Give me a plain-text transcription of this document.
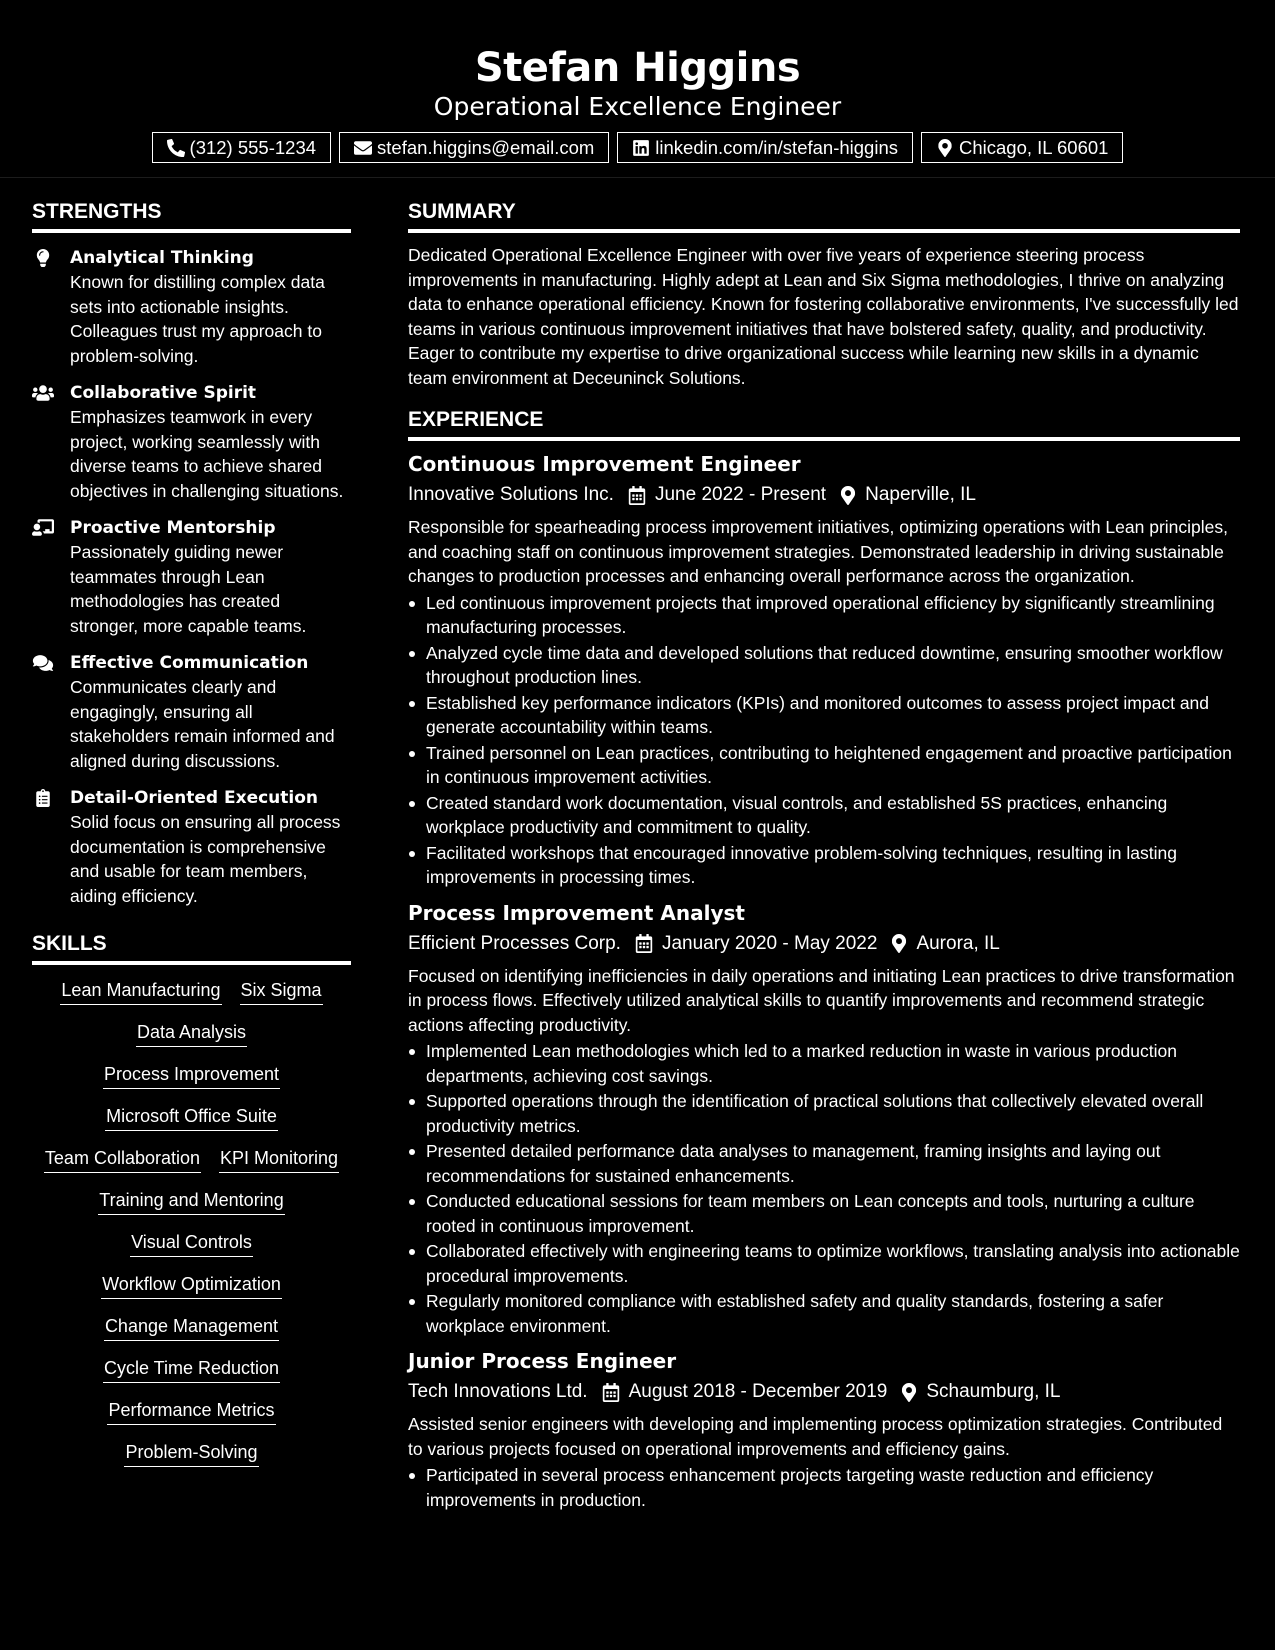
Stefan Higgins
Operational Excellence Engineer
(312) 555-1234	stefan.higgins@email.com	linkedin.com/in/stefan-higgins	Chicago, IL 60601
STRENGTHS
Analytical Thinking
Known for distilling complex data sets into actionable insights. Colleagues trust my approach to problem-solving.
Collaborative Spirit
Emphasizes teamwork in every project, working seamlessly with diverse teams to achieve shared objectives in challenging situations.
Proactive Mentorship
Passionately guiding newer teammates through Lean methodologies has created stronger, more capable teams.
Effective Communication
Communicates clearly and engagingly, ensuring all stakeholders remain informed and aligned during discussions.
Detail-Oriented Execution
Solid focus on ensuring all process documentation is comprehensive and usable for team members, aiding efficiency.
SKILLS
Lean Manufacturing Six Sigma
Data Analysis
Process Improvement
Microsoft Office Suite
Team Collaboration KPI Monitoring
Training and Mentoring
Visual Controls
Workflow Optimization
Change Management
Cycle Time Reduction
Performance Metrics
Problem-Solving
SUMMARY

Dedicated Operational Excellence Engineer with over five years of experience steering process improvements in manufacturing. Highly adept at Lean and Six Sigma methodologies, I thrive on analyzing data to enhance operational efficiency. Known for fostering collaborative environments, I've successfully led teams in various continuous improvement initiatives that have bolstered safety, quality, and productivity. Eager to contribute my expertise to drive organizational success while learning new skills in a dynamic team environment at Deceuninck Solutions.

EXPERIENCE
Continuous Improvement Engineer
Innovative Solutions Inc. June 2022 - Present Naperville, IL

Responsible for spearheading process improvement initiatives, optimizing operations with Lean principles, and coaching staff on continuous improvement strategies. Demonstrated leadership in driving sustainable changes to production processes and enhancing overall performance across the organization.

Led continuous improvement projects that improved operational efficiency by significantly streamlining manufacturing processes.
Analyzed cycle time data and developed solutions that reduced downtime, ensuring smoother workflow throughout production lines.
Established key performance indicators (KPIs) and monitored outcomes to assess project impact and generate accountability within teams.
Trained personnel on Lean practices, contributing to heightened engagement and proactive participation in continuous improvement activities.
Created standard work documentation, visual controls, and established 5S practices, enhancing workplace productivity and commitment to quality.
Facilitated workshops that encouraged innovative problem-solving techniques, resulting in lasting improvements in processing times.
Process Improvement Analyst
Efficient Processes Corp. January 2020 - May 2022 Aurora, IL

Focused on identifying inefficiencies in daily operations and initiating Lean practices to drive transformation in process flows. Effectively utilized analytical skills to quantify improvements and recommend strategic actions affecting productivity.

Implemented Lean methodologies which led to a marked reduction in waste in various production departments, achieving cost savings.
Supported operations through the identification of practical solutions that collectively elevated overall productivity metrics.
Presented detailed performance data analyses to management, framing insights and laying out recommendations for sustained enhancements.
Conducted educational sessions for team members on Lean concepts and tools, nurturing a culture rooted in continuous improvement.
Collaborated effectively with engineering teams to optimize workflows, translating analysis into actionable procedural improvements.
Regularly monitored compliance with established safety and quality standards, fostering a safer workplace environment.
Junior Process Engineer
Tech Innovations Ltd. August 2018 - December 2019 Schaumburg, IL

Assisted senior engineers with developing and implementing process optimization strategies. Contributed to various projects focused on operational improvements and efficiency gains.

Participated in several process enhancement projects targeting waste reduction and efficiency improvements in production.
